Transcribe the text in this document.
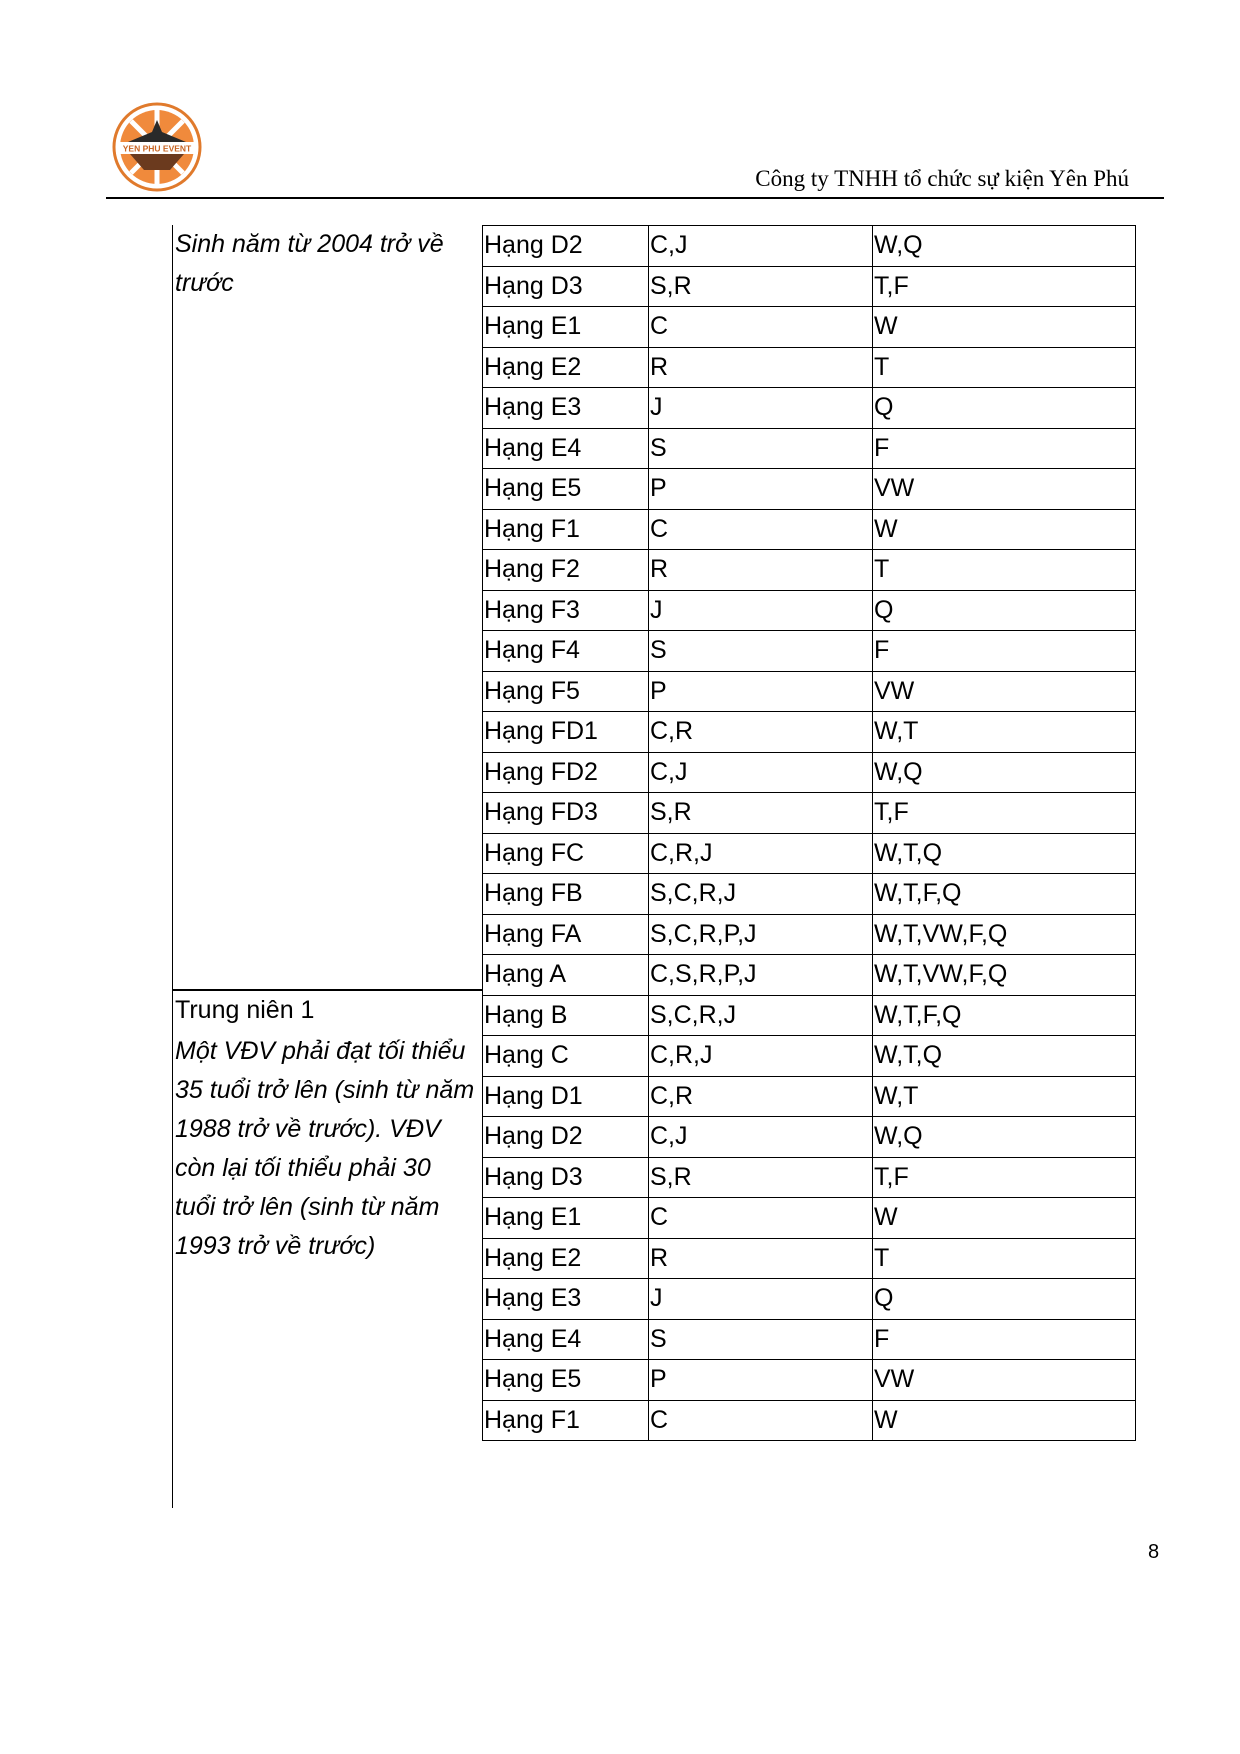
YEN PHU EVENT
Công ty TNHH tổ chức sự kiện Yên Phú
Sinh năm từ 2004 trở về trước
Trung niên 1
Một VĐV phải đạt tối thiểu 35 tuổi trở lên (sinh từ năm 1988 trở về trước). VĐV còn lại tối thiểu phải 30 tuổi trở lên (sinh từ năm 1993 trở về trước)
Hạng D2	C,J	W,Q
Hạng D3	S,R	T,F
Hạng E1	C	W
Hạng E2	R	T
Hạng E3	J	Q
Hạng E4	S	F
Hạng E5	P	VW
Hạng F1	C	W
Hạng F2	R	T
Hạng F3	J	Q
Hạng F4	S	F
Hạng F5	P	VW
Hạng FD1	C,R	W,T
Hạng FD2	C,J	W,Q
Hạng FD3	S,R	T,F
Hạng FC	C,R,J	W,T,Q
Hạng FB	S,C,R,J	W,T,F,Q
Hạng FA	S,C,R,P,J	W,T,VW,F,Q
Hạng A	C,S,R,P,J	W,T,VW,F,Q
Hạng B	S,C,R,J	W,T,F,Q
Hạng C	C,R,J	W,T,Q
Hạng D1	C,R	W,T
Hạng D2	C,J	W,Q
Hạng D3	S,R	T,F
Hạng E1	C	W
Hạng E2	R	T
Hạng E3	J	Q
Hạng E4	S	F
Hạng E5	P	VW
Hạng F1	C	W
8
